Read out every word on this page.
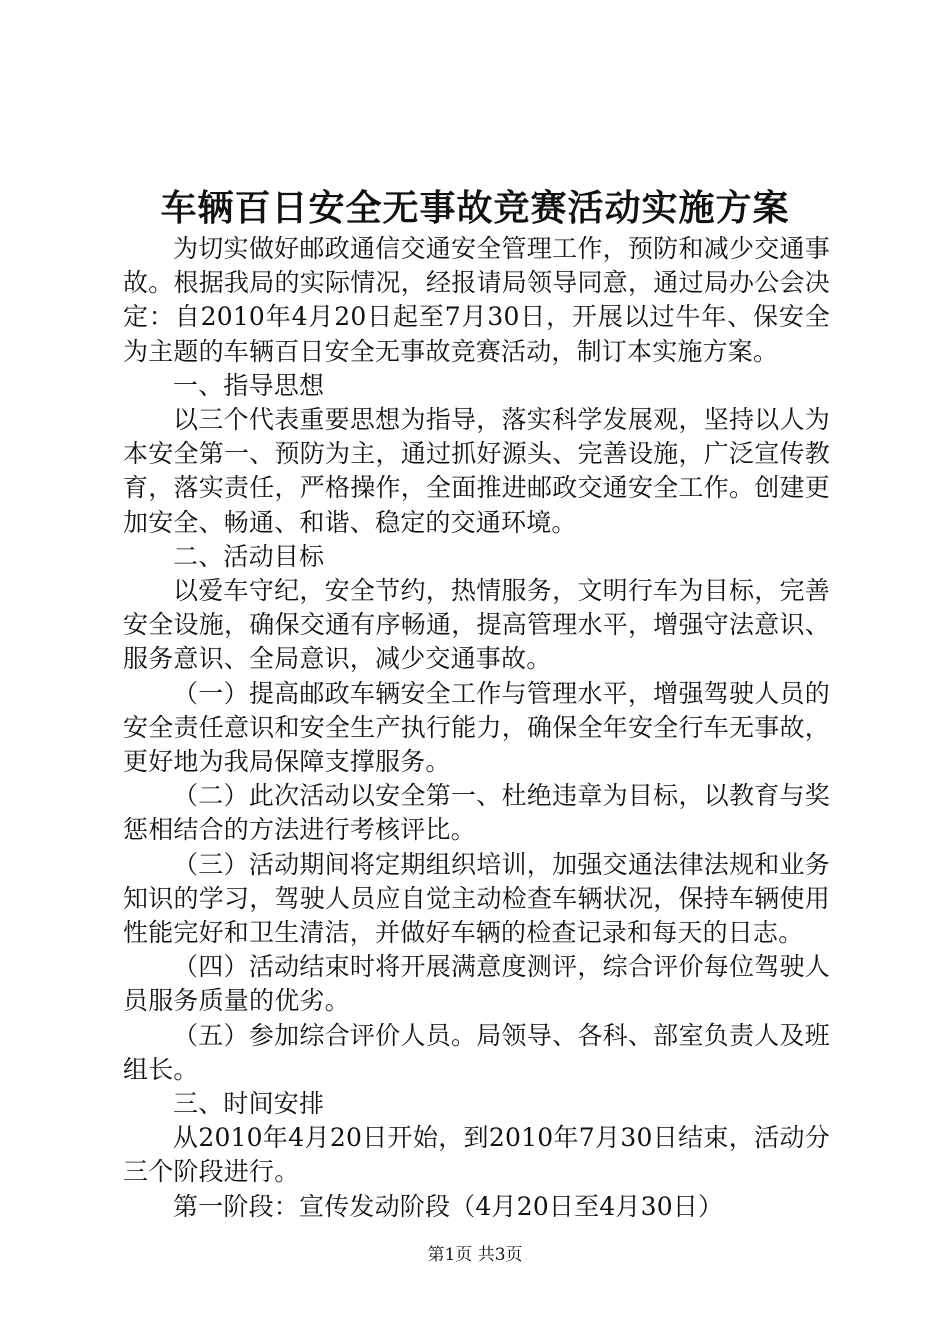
车辆百日安全无事故竞赛活动实施方案

为切实做好邮政通信交通安全管理工作，预防和减少交通事故。根据我局的实际情况，经报请局领导同意，通过局办公会决定：自2010年4月20日起至7月30日，开展以过牛年、保安全为主题的车辆百日安全无事故竞赛活动，制订本实施方案。

一、指导思想

以三个代表重要思想为指导，落实科学发展观，坚持以人为本安全第一、预防为主，通过抓好源头、完善设施，广泛宣传教育，落实责任，严格操作，全面推进邮政交通安全工作。创建更加安全、畅通、和谐、稳定的交通环境。

二、活动目标

以爱车守纪，安全节约，热情服务，文明行车为目标，完善安全设施，确保交通有序畅通，提高管理水平，增强守法意识、服务意识、全局意识，减少交通事故。

（一）提高邮政车辆安全工作与管理水平，增强驾驶人员的安全责任意识和安全生产执行能力，确保全年安全行车无事故，更好地为我局保障支撑服务。

（二）此次活动以安全第一、杜绝违章为目标，以教育与奖惩相结合的方法进行考核评比。

（三）活动期间将定期组织培训，加强交通法律法规和业务知识的学习，驾驶人员应自觉主动检查车辆状况，保持车辆使用性能完好和卫生清洁，并做好车辆的检查记录和每天的日志。

（四）活动结束时将开展满意度测评，综合评价每位驾驶人员服务质量的优劣。

（五）参加综合评价人员。局领导、各科、部室负责人及班组长。

三、时间安排

从2010年4月20日开始，到2010年7月30日结束，活动分三个阶段进行。

第一阶段：宣传发动阶段（4月20日至4月30日）

第1页 共3页
